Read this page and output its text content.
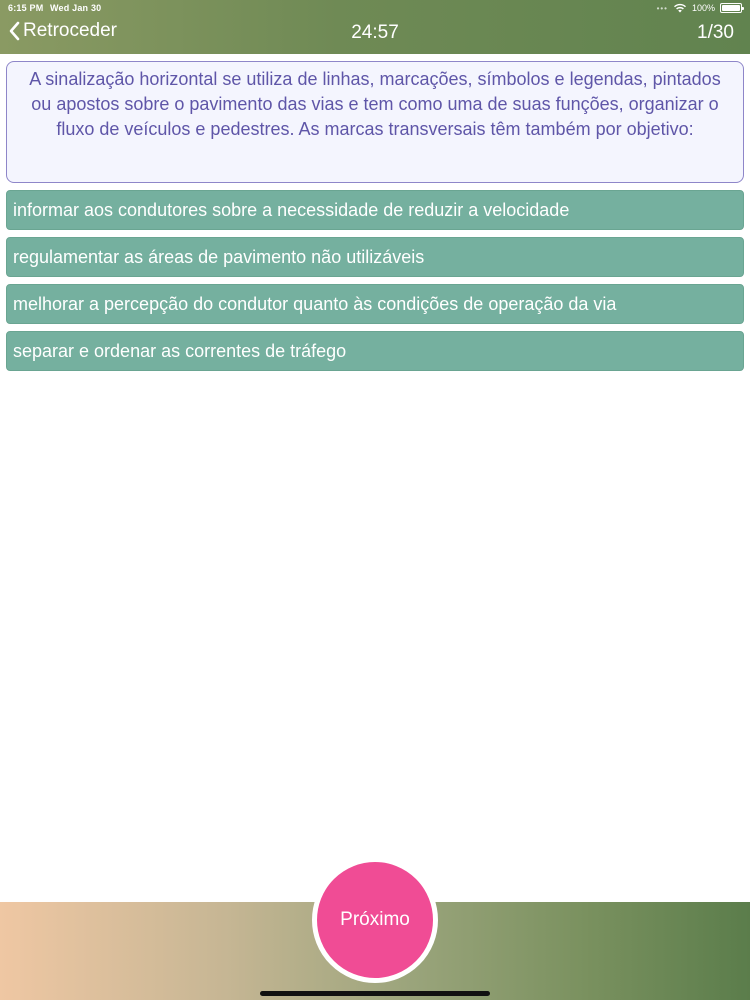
6:15 PM Wed Jan 30	•••	100%
Retroceder	24:57	1/30
A sinalização horizontal se utiliza de linhas, marcações, símbolos e legendas, pintados ou apostos sobre o pavimento das vias e tem como uma de suas funções, organizar o fluxo de veículos e pedestres. As marcas transversais têm também por objetivo:
informar aos condutores sobre a necessidade de reduzir a velocidade
regulamentar as áreas de pavimento não utilizáveis
melhorar a percepção do condutor quanto às condições de operação da via
separar e ordenar as correntes de tráfego
Próximo
